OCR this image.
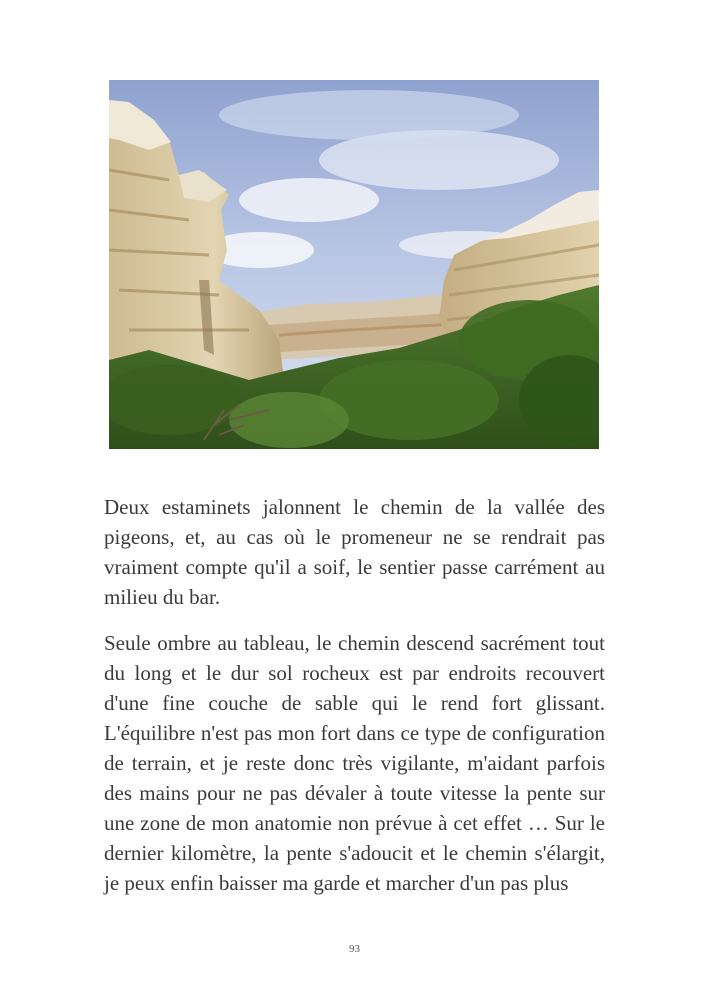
Deux estaminets jalonnent le chemin de la vallée des pigeons, et, au cas où le promeneur ne se rendrait pas vraiment compte qu'il a soif, le sentier passe carrément au milieu du bar.

Seule ombre au tableau, le chemin descend sacrément tout du long et le dur sol rocheux est par endroits recouvert d'une fine couche de sable qui le rend fort glissant. L'équilibre n'est pas mon fort dans ce type de configuration de terrain, et je reste donc très vigilante, m'aidant parfois des mains pour ne pas dévaler à toute vitesse la pente sur une zone de mon anatomie non prévue à cet effet … Sur le dernier kilomètre, la pente s'adoucit et le chemin s'élargit, je peux enfin baisser ma garde et marcher d'un pas plus

93
